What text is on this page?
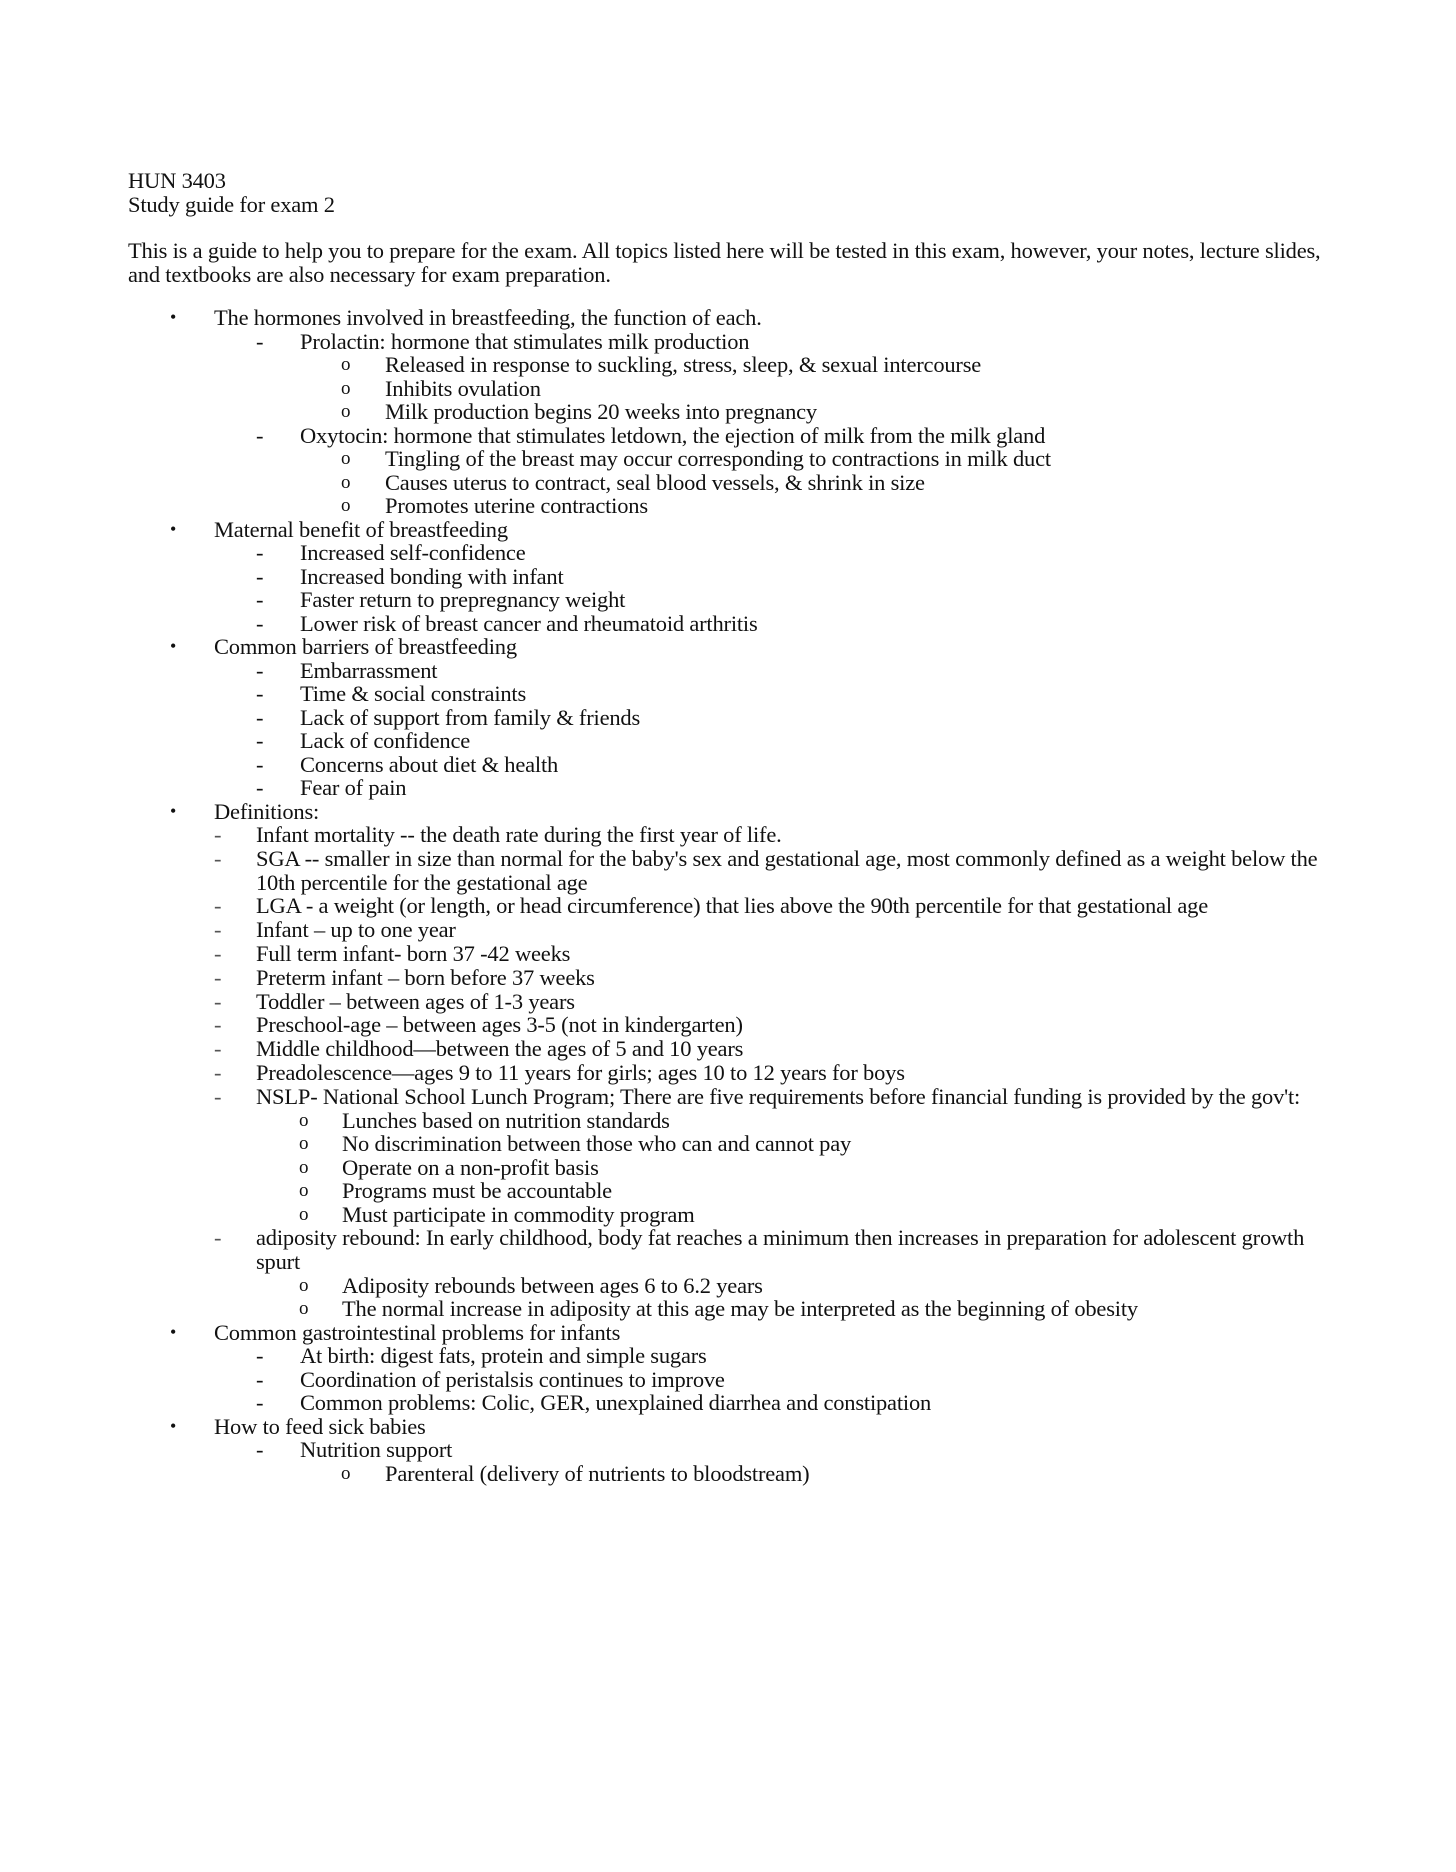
HUN 3403
Study guide for exam 2

This is a guide to help you to prepare for the exam. All topics listed here will be tested in this exam, however, your notes, lecture slides, and textbooks are also necessary for exam preparation.

• The hormones involved in breastfeeding, the function of each.
- Prolactin: hormone that stimulates milk production
o Released in response to suckling, stress, sleep, & sexual intercourse
o Inhibits ovulation
o Milk production begins 20 weeks into pregnancy
- Oxytocin: hormone that stimulates letdown, the ejection of milk from the milk gland
o Tingling of the breast may occur corresponding to contractions in milk duct
o Causes uterus to contract, seal blood vessels, & shrink in size
o Promotes uterine contractions
• Maternal benefit of breastfeeding
- Increased self-confidence
- Increased bonding with infant
- Faster return to prepregnancy weight
- Lower risk of breast cancer and rheumatoid arthritis
• Common barriers of breastfeeding
- Embarrassment
- Time & social constraints
- Lack of support from family & friends
- Lack of confidence
- Concerns about diet & health
- Fear of pain
• Definitions:
- Infant mortality -- the death rate during the first year of life.
- SGA -- smaller in size than normal for the baby's sex and gestational age, most commonly defined as a weight below the 10th percentile for the gestational age
- LGA - a weight (or length, or head circumference) that lies above the 90th percentile for that gestational age
- Infant – up to one year
- Full term infant- born 37 -42 weeks
- Preterm infant – born before 37 weeks
- Toddler – between ages of 1-3 years
- Preschool-age – between ages 3-5 (not in kindergarten)
- Middle childhood—between the ages of 5 and 10 years
- Preadolescence—ages 9 to 11 years for girls; ages 10 to 12 years for boys
- NSLP- National School Lunch Program; There are five requirements before financial funding is provided by the gov't:
o Lunches based on nutrition standards
o No discrimination between those who can and cannot pay
o Operate on a non-profit basis
o Programs must be accountable
o Must participate in commodity program
- adiposity rebound: In early childhood, body fat reaches a minimum then increases in preparation for adolescent growth spurt
o Adiposity rebounds between ages 6 to 6.2 years
o The normal increase in adiposity at this age may be interpreted as the beginning of obesity
• Common gastrointestinal problems for infants
- At birth: digest fats, protein and simple sugars
- Coordination of peristalsis continues to improve
- Common problems: Colic, GER, unexplained diarrhea and constipation
• How to feed sick babies
- Nutrition support
o Parenteral (delivery of nutrients to bloodstream)
